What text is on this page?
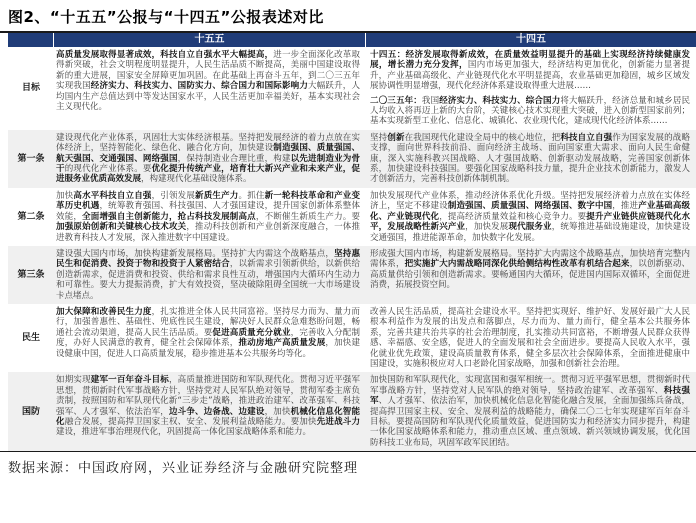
图2、“十五五”公报与“十四五”公报表述对比
十五五	十四五
目标

高质量发展取得显著成效，科技自立自强水平大幅提高，进一步全面深化改革取得新突破，社会文明程度明显提升，人民生活品质不断提高，美丽中国建设取得新的重大进展，国家安全屏障更加巩固。在此基础上再奋斗五年，到二〇三五年实现我国经济实力、科技实力、国防实力、综合国力和国际影响力大幅跃升，人均国内生产总值达到中等发达国家水平，人民生活更加幸福美好，基本实现社会主义现代化。

十四五：经济发展取得新成效，在质量效益明显提升的基础上实现经济持续健康发展，增长潜力充分发挥，国内市场更加强大，经济结构更加优化，创新能力显著提升，产业基础高级化、产业链现代化水平明显提高，农业基础更加稳固，城乡区域发展协调性明显增强，现代化经济体系建设取得重大进展……

二〇三五年：我国经济实力、科技实力、综合国力将大幅跃升，经济总量和城乡居民人均收入将再迈上新的大台阶，关键核心技术实现重大突破，进入创新型国家前列；基本实现新型工业化、信息化、城镇化、农业现代化，建成现代化经济体系……

第一条

建设现代化产业体系，巩固壮大实体经济根基。坚持把发展经济的着力点放在实体经济上，坚持智能化、绿色化、融合化方向，加快建设制造强国、质量强国、航天强国、交通强国、网络强国，保持制造业合理比重，构建以先进制造业为骨干的现代化产业体系。要优化提升传统产业，培育壮大新兴产业和未来产业，促进服务业优质高效发展，构建现代化基础设施体系。

坚持创新在我国现代化建设全局中的核心地位，把科技自立自强作为国家发展的战略支撑，面向世界科技前沿、面向经济主战场、面向国家重大需求、面向人民生命健康，深入实施科教兴国战略、人才强国战略、创新驱动发展战略，完善国家创新体系，加快建设科技强国。要强化国家战略科技力量，提升企业技术创新能力，激发人才创新活力，完善科技创新体制机制。

第二条

加快高水平科技自立自强，引领发展新质生产力。抓住新一轮科技革命和产业变革历史机遇，统筹教育强国、科技强国、人才强国建设，提升国家创新体系整体效能，全面增强自主创新能力，抢占科技发展制高点，不断催生新质生产力。要加强原始创新和关键核心技术攻关，推动科技创新和产业创新深度融合，一体推进教育科技人才发展，深入推进数字中国建设。

加快发展现代产业体系，推动经济体系优化升级。坚持把发展经济着力点放在实体经济上，坚定不移建设制造强国、质量强国、网络强国、数字中国，推进产业基础高级化、产业链现代化，提高经济质量效益和核心竞争力。要提升产业链供应链现代化水平，发展战略性新兴产业，加快发展现代服务业，统筹推进基础设施建设，加快建设交通强国，推进能源革命，加快数字化发展。

第三条

建设强大国内市场，加快构建新发展格局。坚持扩大内需这个战略基点，坚持惠民生和促消费、投资于物和投资于人紧密结合，以新需求引领新供给，以新供给创造新需求，促进消费和投资、供给和需求良性互动，增强国内大循环内生动力和可靠性。要大力提振消费，扩大有效投资，坚决破除阻碍全国统一大市场建设卡点堵点。

形成强大国内市场，构建新发展格局。坚持扩大内需这个战略基点，加快培育完整内需体系，把实施扩大内需战略同深化供给侧结构性改革有机结合起来，以创新驱动、高质量供给引领和创造新需求。要畅通国内大循环，促进国内国际双循环，全面促进消费，拓展投资空间。

民生

加大保障和改善民生力度，扎实推进全体人民共同富裕。坚持尽力而为、量力而行，加强普惠性、基础性、兜底性民生建设，解决好人民群众急难愁盼问题，畅通社会流动渠道，提高人民生活品质。要促进高质量充分就业，完善收入分配制度，办好人民满意的教育，健全社会保障体系，推动房地产高质量发展，加快建设健康中国，促进人口高质量发展，稳步推进基本公共服务均等化。

改善人民生活品质，提高社会建设水平。坚持把实现好、维护好、发展好最广大人民根本利益作为发展的出发点和落脚点，尽力而为、量力而行，健全基本公共服务体系，完善共建共治共享的社会治理制度，扎实推动共同富裕，不断增强人民群众获得感、幸福感、安全感，促进人的全面发展和社会全面进步。要提高人民收入水平，强化就业优先政策，建设高质量教育体系，健全多层次社会保障体系，全面推进健康中国建设，实施积极应对人口老龄化国家战略，加强和创新社会治理。

国防

如期实现建军一百年奋斗目标，高质量推进国防和军队现代化。贯彻习近平强军思想，贯彻新时代军事战略方针，坚持党对人民军队绝对领导，贯彻军委主席负责制，按照国防和军队现代化新“三步走”战略，推进政治建军、改革强军、科技强军、人才强军、依法治军，边斗争、边备战、边建设，加快机械化信息化智能化融合发展，提高捍卫国家主权、安全、发展利益战略能力。要加快先进战斗力建设，推进军事治理现代化，巩固提高一体化国家战略体系和能力。

加快国防和军队现代化，实现富国和强军相统一。贯彻习近平强军思想，贯彻新时代军事战略方针，坚持党对人民军队的绝对领导，坚持政治建军、改革强军、科技强军、人才强军、依法治军，加快机械化信息化智能化融合发展，全面加强练兵备战，提高捍卫国家主权、安全、发展利益的战略能力，确保二〇二七年实现建军百年奋斗目标。要提高国防和军队现代化质量效益，促进国防实力和经济实力同步提升，构建一体化国家战略体系和能力，推动重点区域、重点领域、新兴领域协调发展，优化国防科技工业布局，巩固军政军民团结。

数据来源：中国政府网，兴业证券经济与金融研究院整理
